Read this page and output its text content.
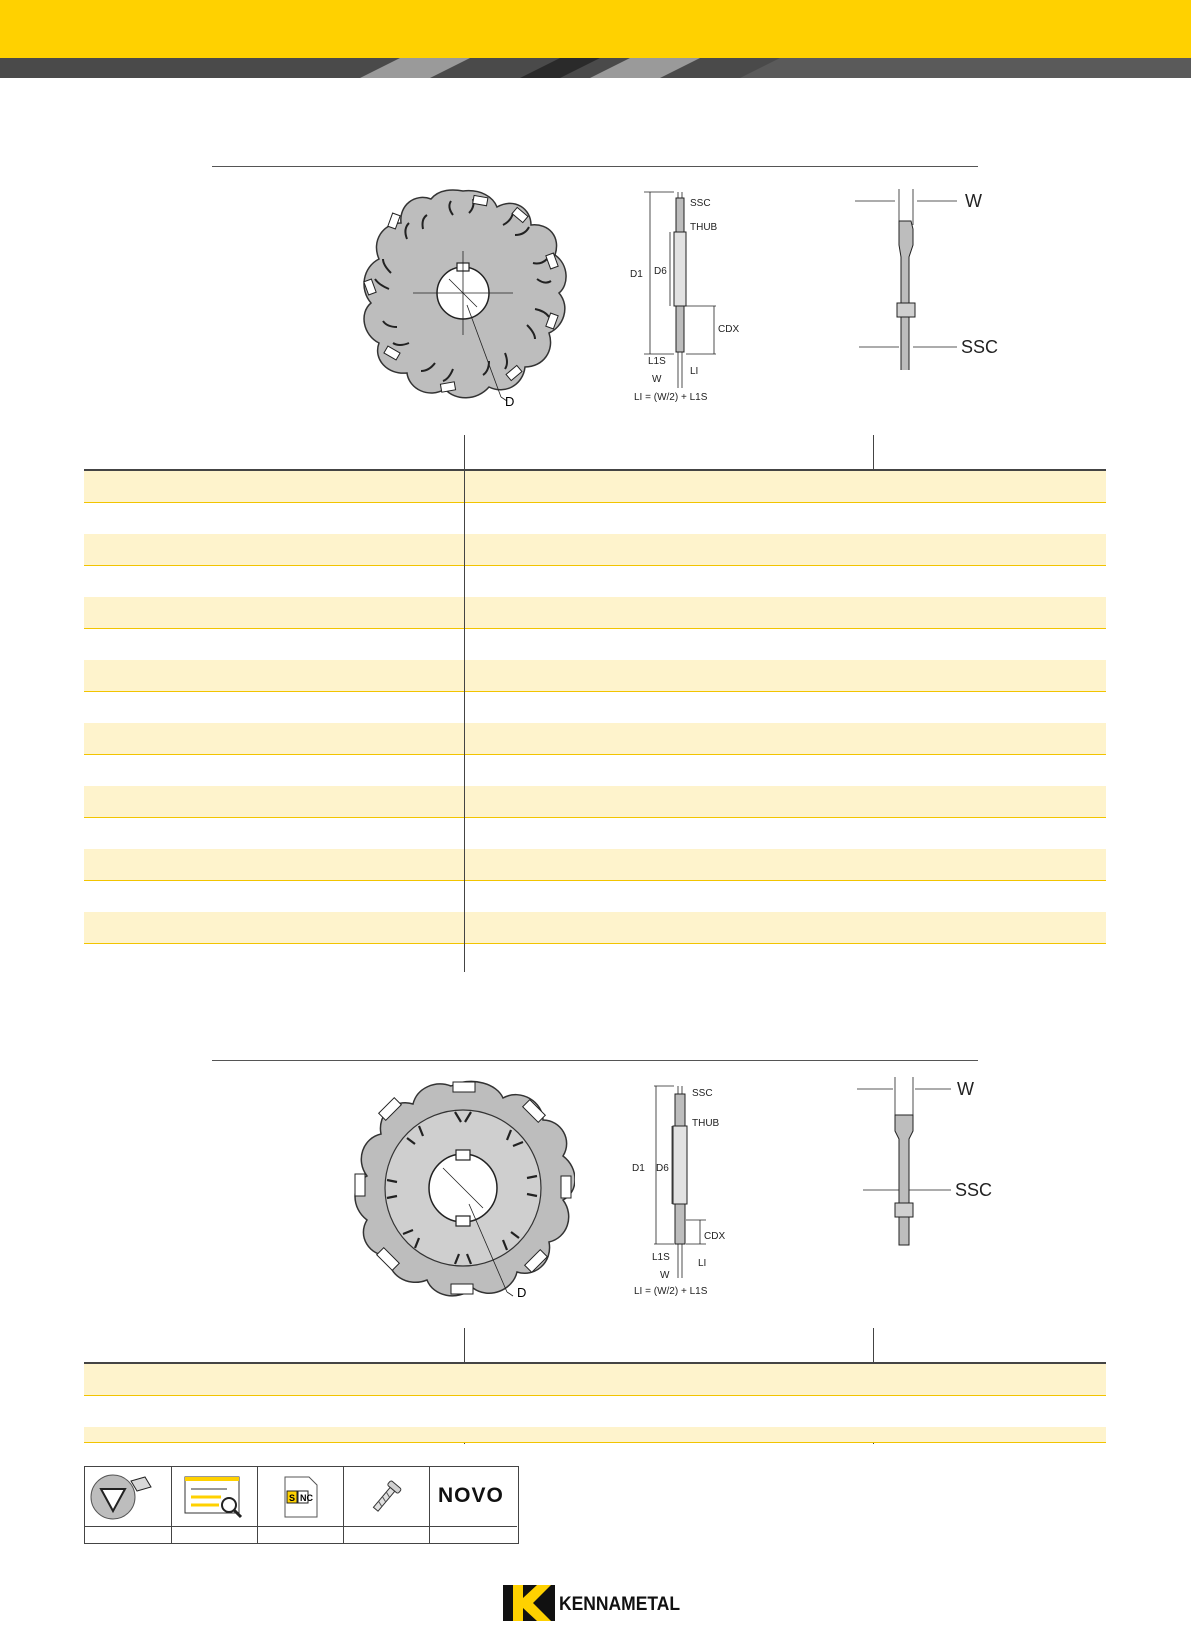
D
SSC
THUB
D1 D6
CDX
L1S
LI
W
LI = (W/2) + L1S
W
SSC
D
SSC
THUB
D1 D6
CDX
L1S
LI
W
LI = (W/2) + L1S
W
SSC
S NC	NOVO
KENNAMETAL
